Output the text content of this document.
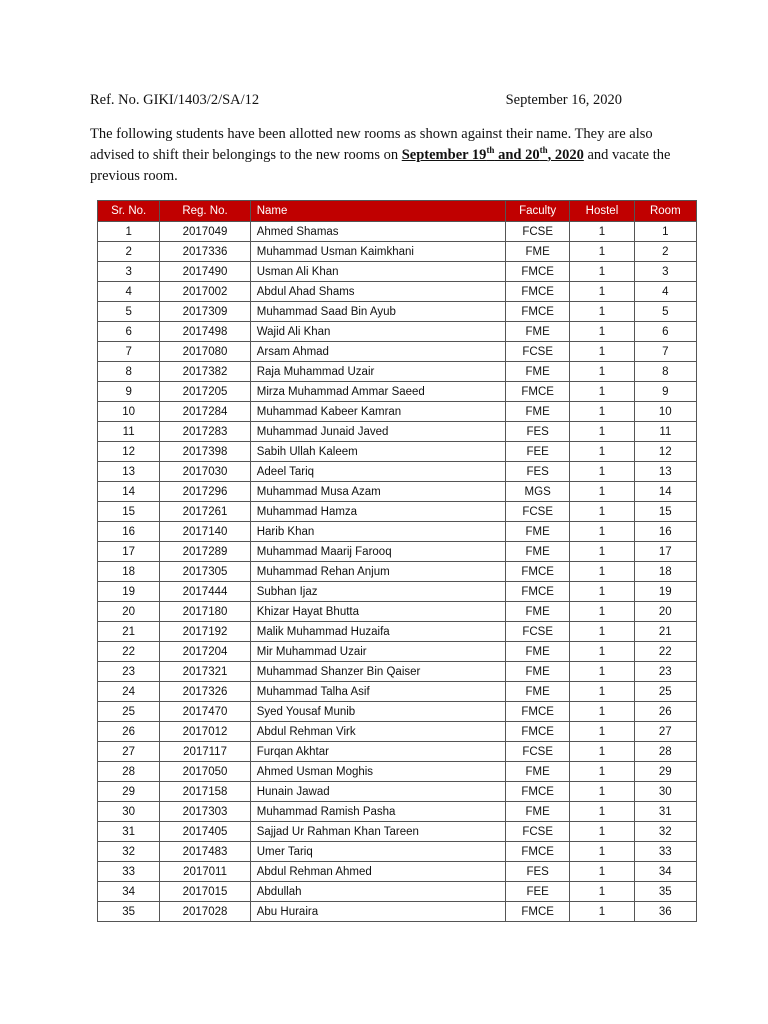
Ref. No. GIKI/1403/2/SA/12	September 16, 2020

The following students have been allotted new rooms as shown against their name. They are also advised to shift their belongings to the new rooms on September 19th and 20th, 2020 and vacate the previous room.

Sr. No.	Reg. No.	Name	Faculty	Hostel	Room
1	2017049	Ahmed Shamas	FCSE	1	1
2	2017336	Muhammad Usman Kaimkhani	FME	1	2
3	2017490	Usman Ali Khan	FMCE	1	3
4	2017002	Abdul Ahad Shams	FMCE	1	4
5	2017309	Muhammad Saad Bin Ayub	FMCE	1	5
6	2017498	Wajid Ali Khan	FME	1	6
7	2017080	Arsam Ahmad	FCSE	1	7
8	2017382	Raja Muhammad Uzair	FME	1	8
9	2017205	Mirza Muhammad Ammar Saeed	FMCE	1	9
10	2017284	Muhammad Kabeer Kamran	FME	1	10
11	2017283	Muhammad Junaid Javed	FES	1	11
12	2017398	Sabih Ullah Kaleem	FEE	1	12
13	2017030	Adeel Tariq	FES	1	13
14	2017296	Muhammad Musa Azam	MGS	1	14
15	2017261	Muhammad Hamza	FCSE	1	15
16	2017140	Harib Khan	FME	1	16
17	2017289	Muhammad Maarij Farooq	FME	1	17
18	2017305	Muhammad Rehan Anjum	FMCE	1	18
19	2017444	Subhan Ijaz	FMCE	1	19
20	2017180	Khizar Hayat Bhutta	FME	1	20
21	2017192	Malik Muhammad Huzaifa	FCSE	1	21
22	2017204	Mir Muhammad Uzair	FME	1	22
23	2017321	Muhammad Shanzer Bin Qaiser	FME	1	23
24	2017326	Muhammad Talha Asif	FME	1	25
25	2017470	Syed Yousaf Munib	FMCE	1	26
26	2017012	Abdul Rehman Virk	FMCE	1	27
27	2017117	Furqan Akhtar	FCSE	1	28
28	2017050	Ahmed Usman Moghis	FME	1	29
29	2017158	Hunain Jawad	FMCE	1	30
30	2017303	Muhammad Ramish Pasha	FME	1	31
31	2017405	Sajjad Ur Rahman Khan Tareen	FCSE	1	32
32	2017483	Umer Tariq	FMCE	1	33
33	2017011	Abdul Rehman Ahmed	FES	1	34
34	2017015	Abdullah	FEE	1	35
35	2017028	Abu Huraira	FMCE	1	36
